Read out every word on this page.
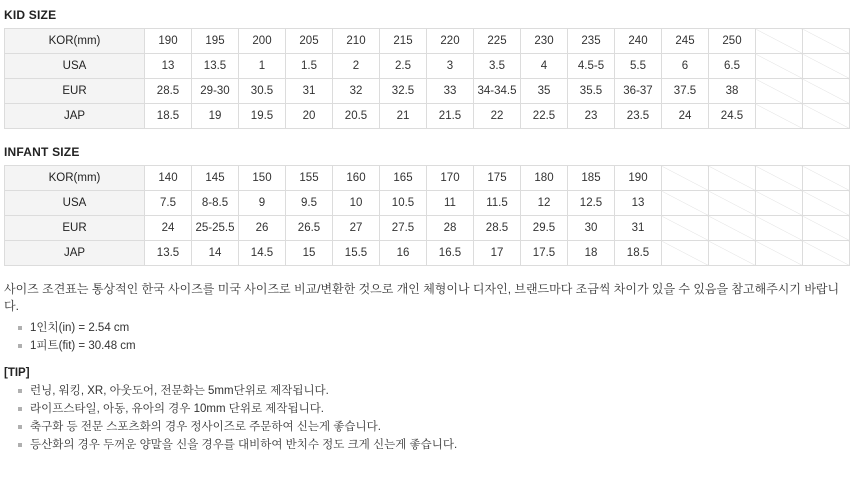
KID SIZE
KOR(mm)	190	195	200	205	210	215	220	225	230	235	240	245	250		
USA	13	13.5	1	1.5	2	2.5	3	3.5	4	4.5-5	5.5	6	6.5		
EUR	28.5	29-30	30.5	31	32	32.5	33	34-34.5	35	35.5	36-37	37.5	38		
JAP	18.5	19	19.5	20	20.5	21	21.5	22	22.5	23	23.5	24	24.5		
INFANT SIZE
KOR(mm)	140	145	150	155	160	165	170	175	180	185	190				
USA	7.5	8-8.5	9	9.5	10	10.5	11	11.5	12	12.5	13				
EUR	24	25-25.5	26	26.5	27	27.5	28	28.5	29.5	30	31				
JAP	13.5	14	14.5	15	15.5	16	16.5	17	17.5	18	18.5				
사이즈 조견표는 통상적인 한국 사이즈를 미국 사이즈로 비교/변환한 것으로 개인 체형이나 디자인, 브랜드마다 조금씩 차이가 있을 수 있음을 참고해주시기 바랍니다.
1인치(in) = 2.54 cm
1피트(fit) = 30.48 cm
[TIP]
런닝, 워킹, XR, 아웃도어, 전문화는 5mm단위로 제작됩니다.
라이프스타일, 아동, 유아의 경우 10mm 단위로 제작됩니다.
축구화 등 전문 스포츠화의 경우 정사이즈로 주문하여 신는게 좋습니다.
등산화의 경우 두꺼운 양말을 신을 경우를 대비하여 반치수 정도 크게 신는게 좋습니다.
